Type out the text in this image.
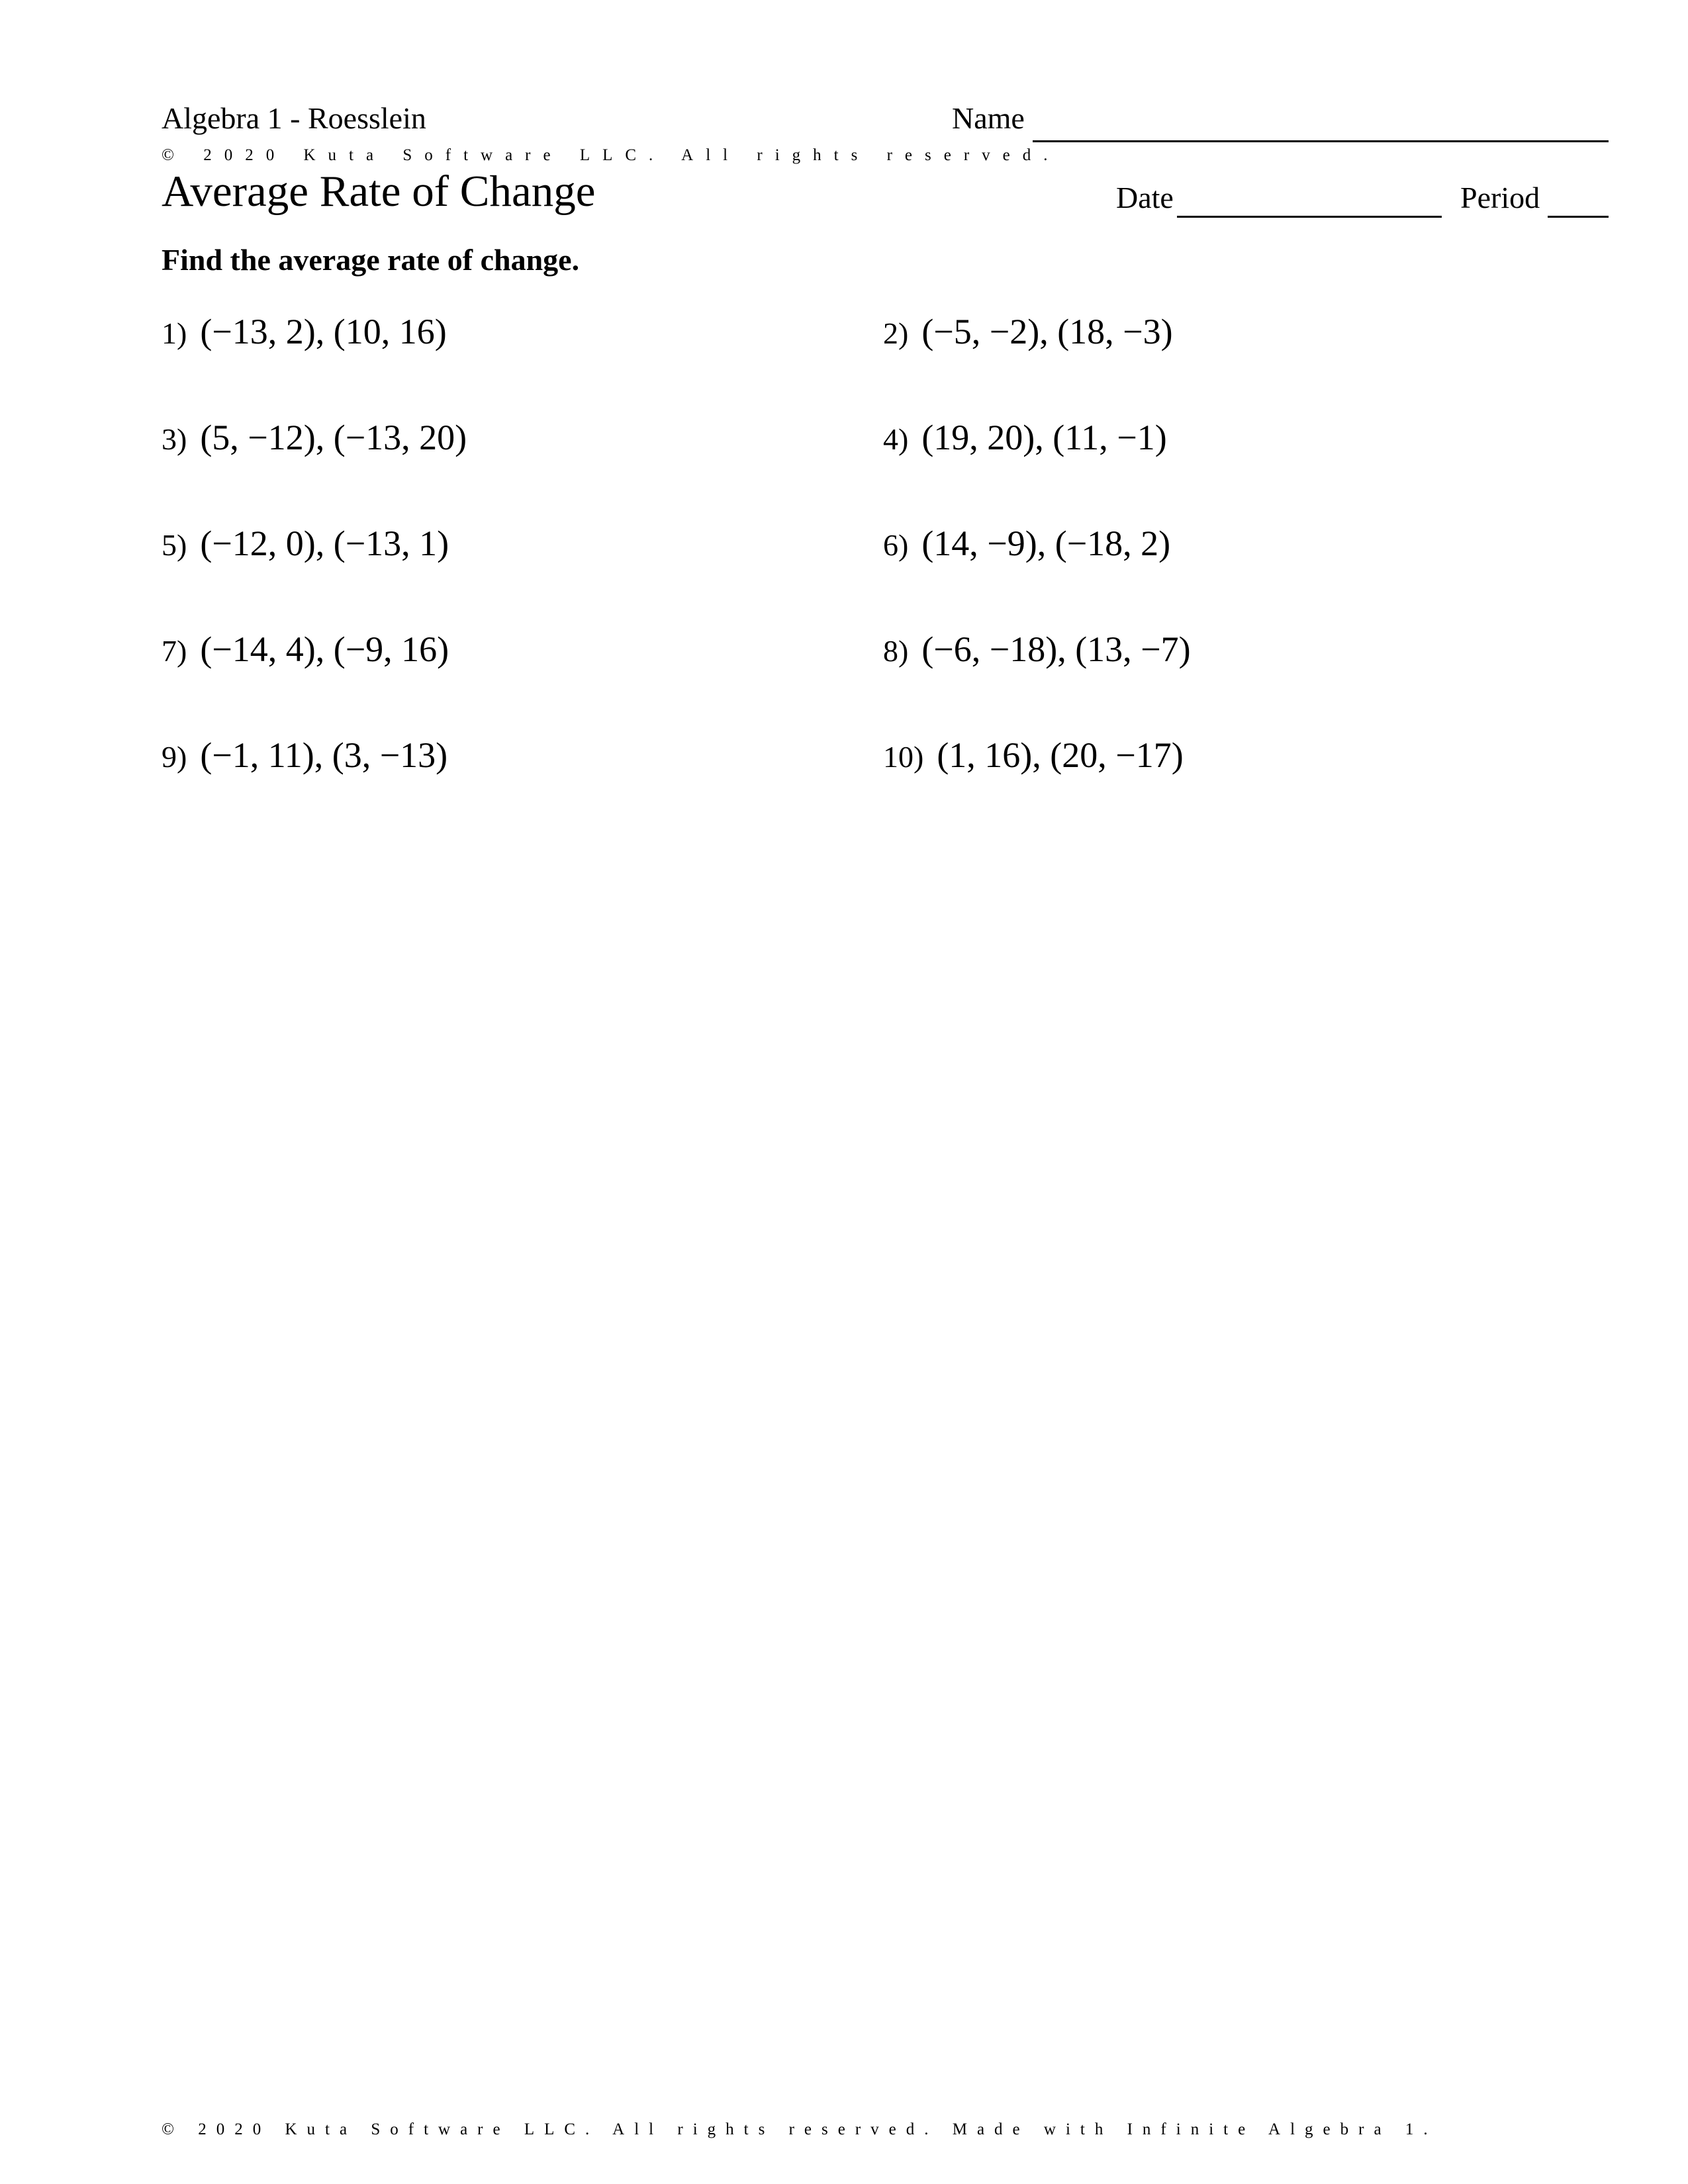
Algebra 1 - Roesslein	Name
© 2020 Kuta Software LLC. All rights reserved.
Average Rate of Change	Date	Period
Find the average rate of change.
1) (−13, 2), (10, 16)	2) (−5, −2), (18, −3)
3) (5, −12), (−13, 20)	4) (19, 20), (11, −1)
5) (−12, 0), (−13, 1)	6) (14, −9), (−18, 2)
7) (−14, 4), (−9, 16)	8) (−6, −18), (13, −7)
9) (−1, 11), (3, −13)	10) (1, 16), (20, −17)
© 2020 Kuta Software LLC. All rights reserved. Made with Infinite Algebra 1.
